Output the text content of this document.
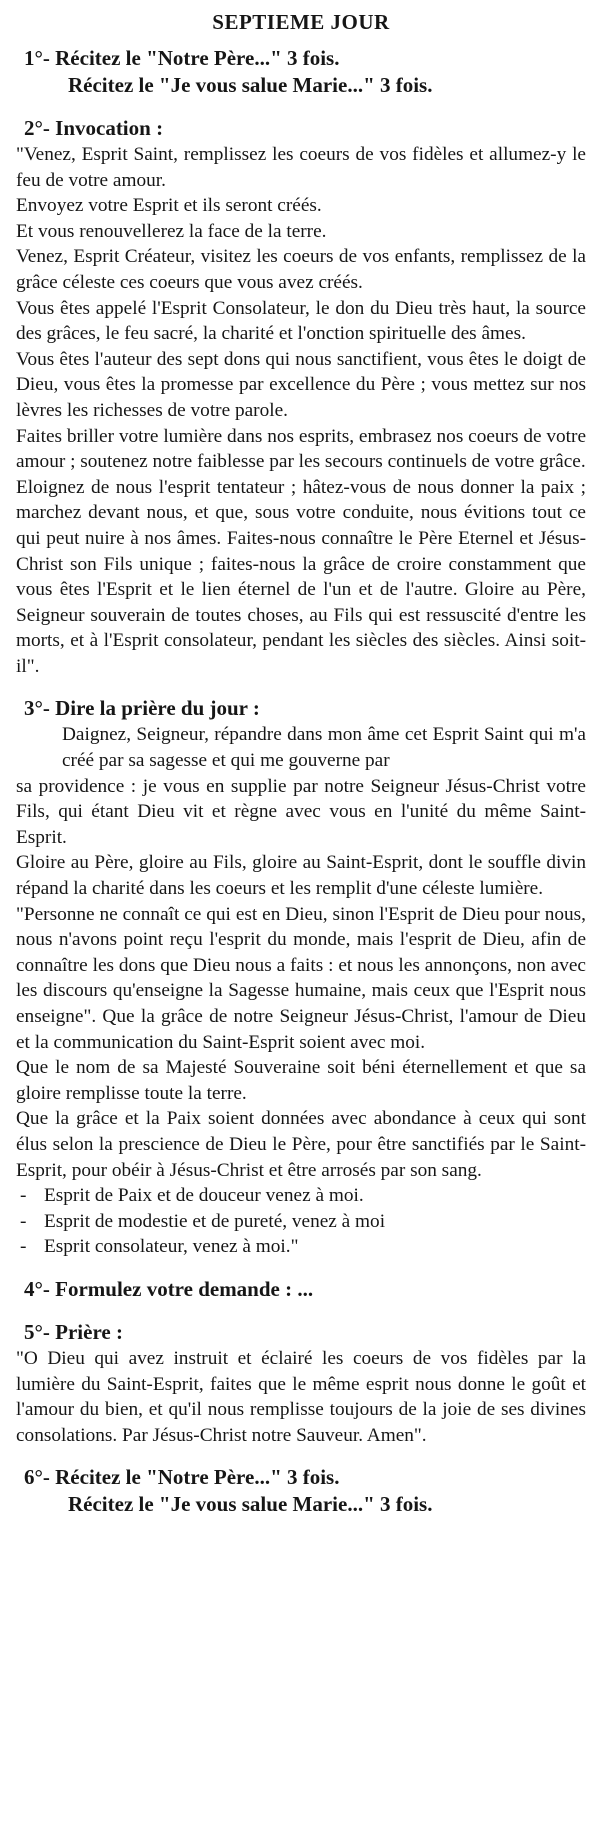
SEPTIEME JOUR
1°- Récitez le "Notre Père..." 3 fois.
Récitez le "Je vous salue Marie..." 3 fois.
2°- Invocation :

"Venez, Esprit Saint, remplissez les coeurs de vos fidèles et allumez-y le feu de votre amour.

Envoyez votre Esprit et ils seront créés.

Et vous renouvellerez la face de la terre.

Venez, Esprit Créateur, visitez les coeurs de vos enfants, remplissez de la grâce céleste ces coeurs que vous avez créés.

Vous êtes appelé l'Esprit Consolateur, le don du Dieu très haut, la source des grâces, le feu sacré, la charité et l'onction spirituelle des âmes.

Vous êtes l'auteur des sept dons qui nous sanctifient, vous êtes le doigt de Dieu, vous êtes la promesse par excellence du Père ; vous mettez sur nos lèvres les richesses de votre parole.

Faites briller votre lumière dans nos esprits, embrasez nos coeurs de votre amour ; soutenez notre faiblesse par les secours continuels de votre grâce.

Eloignez de nous l'esprit tentateur ; hâtez-vous de nous donner la paix ; marchez devant nous, et que, sous votre conduite, nous évitions tout ce qui peut nuire à nos âmes. Faites-nous connaître le Père Eternel et Jésus-Christ son Fils unique ; faites-nous la grâce de croire constamment que vous êtes l'Esprit et le lien éternel de l'un et de l'autre. Gloire au Père, Seigneur souverain de toutes choses, au Fils qui est ressuscité d'entre les morts, et à l'Esprit consolateur, pendant les siècles des siècles. Ainsi soit-il".

3°- Dire la prière du jour :

Daignez, Seigneur, répandre dans mon âme cet Esprit Saint qui m'a créé par sa sagesse et qui me gouverne par

sa providence : je vous en supplie par notre Seigneur Jésus-Christ votre Fils, qui étant Dieu vit et règne avec vous en l'unité du même Saint- Esprit.

Gloire au Père, gloire au Fils, gloire au Saint-Esprit, dont le souffle divin répand la charité dans les coeurs et les remplit d'une céleste lumière.

"Personne ne connaît ce qui est en Dieu, sinon l'Esprit de Dieu pour nous, nous n'avons point reçu l'esprit du monde, mais l'esprit de Dieu, afin de connaître les dons que Dieu nous a faits : et nous les annonçons, non avec les discours qu'enseigne la Sagesse humaine, mais ceux que l'Esprit nous enseigne". Que la grâce de notre Seigneur Jésus-Christ, l'amour de Dieu et la communication du Saint-Esprit soient avec moi.

Que le nom de sa Majesté Souveraine soit béni éternellement et que sa gloire remplisse toute la terre.

Que la grâce et la Paix soient données avec abondance à ceux qui sont élus selon la prescience de Dieu le Père, pour être sanctifiés par le Saint-Esprit, pour obéir à Jésus-Christ et être arrosés par son sang.

- Esprit de Paix et de douceur venez à moi.
- Esprit de modestie et de pureté, venez à moi
- Esprit consolateur, venez à moi."
4°- Formulez votre demande : ...
5°- Prière :

"O Dieu qui avez instruit et éclairé les coeurs de vos fidèles par la lumière du Saint-Esprit, faites que le même esprit nous donne le goût et l'amour du bien, et qu'il nous remplisse toujours de la joie de ses divines consolations. Par Jésus-Christ notre Sauveur. Amen".

6°- Récitez le "Notre Père..." 3 fois.
Récitez le "Je vous salue Marie..." 3 fois.
